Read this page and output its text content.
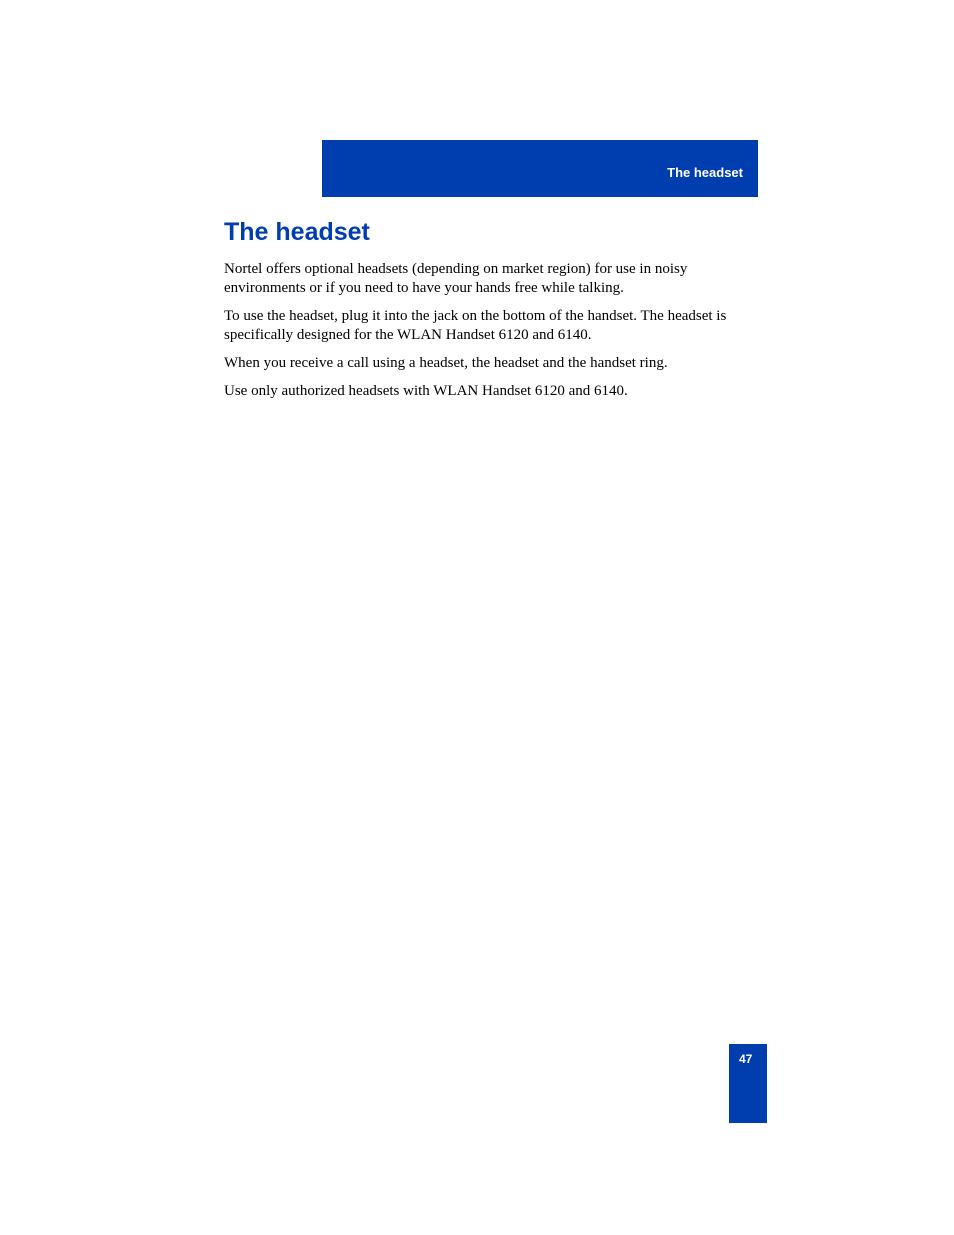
The headset
The headset

Nortel offers optional headsets (depending on market region) for use in noisy environments or if you need to have your hands free while talking.

To use the headset, plug it into the jack on the bottom of the handset. The headset is specifically designed for the WLAN Handset 6120 and 6140.

When you receive a call using a headset, the headset and the handset ring.

Use only authorized headsets with WLAN Handset 6120 and 6140.

47
